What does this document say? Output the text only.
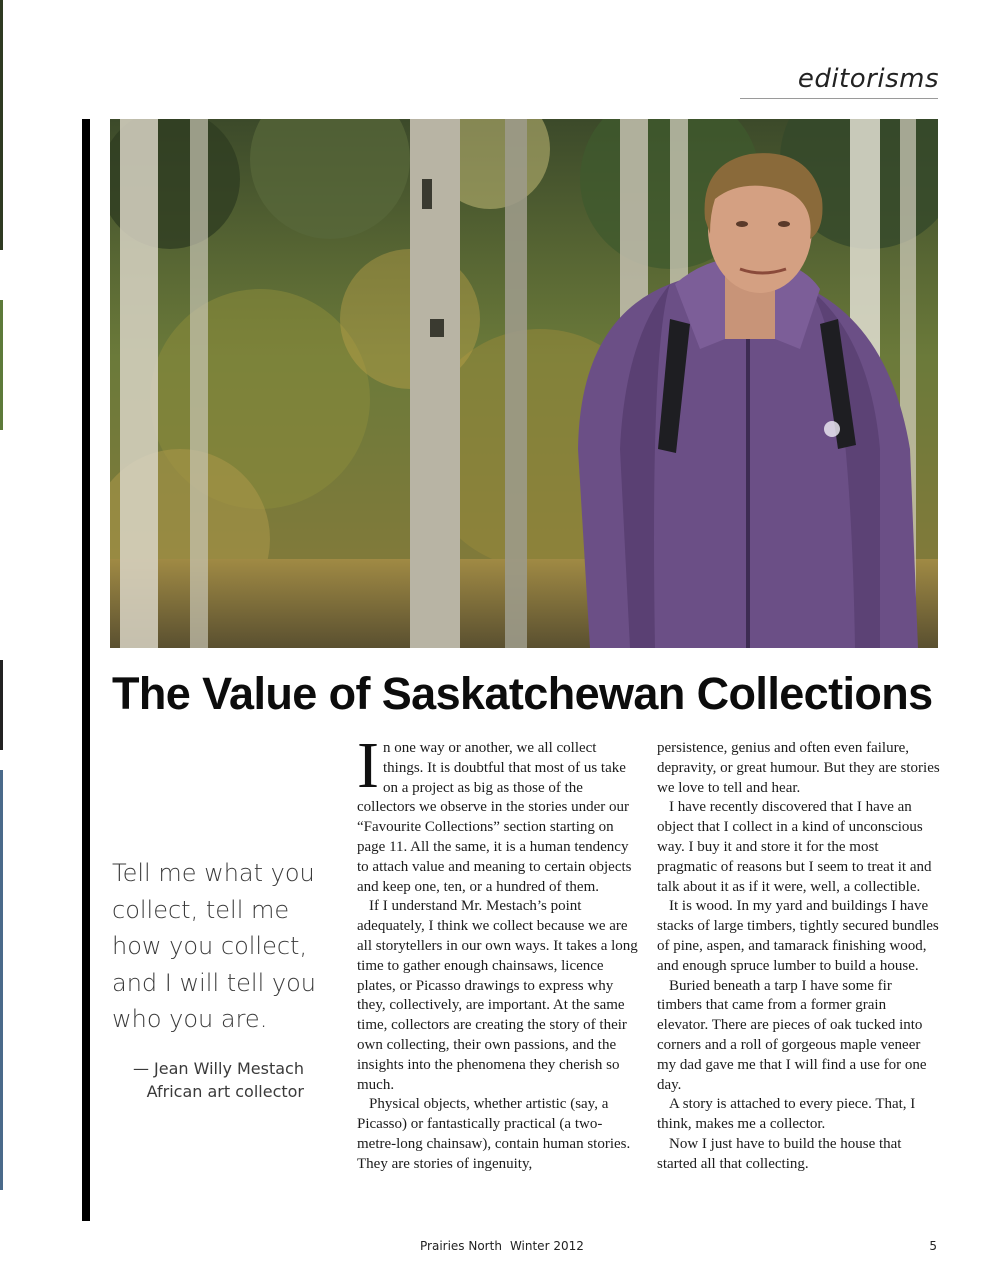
editorisms
The Value of Saskatchewan Collections

Tell me what you collect, tell me how you collect, and I will tell you who you are.

— Jean Willy Mestach
African art collector

In one way or another, we all collect things. It is doubtful that most of us take on a project as big as those of the collectors we observe in the stories under our “Favourite Collections” section starting on page 11. All the same, it is a human tendency to attach value and meaning to certain objects and keep one, ten, or a hundred of them.

If I understand Mr. Mestach’s point adequately, I think we collect because we are all storytellers in our own ways. It takes a long time to gather enough chainsaws, licence plates, or Picasso drawings to express why they, collectively, are important. At the same time, collectors are creating the story of their own collecting, their own passions, and the insights into the phenomena they cherish so much.

Physical objects, whether artistic (say, a Picasso) or fantastically practical (a two-metre-long chainsaw), contain human stories. They are stories of ingenuity,

persistence, genius and often even failure, depravity, or great humour. But they are stories we love to tell and hear.

I have recently discovered that I have an object that I collect in a kind of unconscious way. I buy it and store it for the most pragmatic of reasons but I seem to treat it and talk about it as if it were, well, a collectible.

It is wood. In my yard and buildings I have stacks of large timbers, tightly secured bundles of pine, aspen, and tamarack finishing wood, and enough spruce lumber to build a house.

Buried beneath a tarp I have some fir timbers that came from a former grain elevator. There are pieces of oak tucked into corners and a roll of gorgeous maple veneer my dad gave me that I will find a use for one day.

A story is attached to every piece. That, I think, makes me a collector.

Now I just have to build the house that started all that collecting.

Prairies North Winter 2012	5
